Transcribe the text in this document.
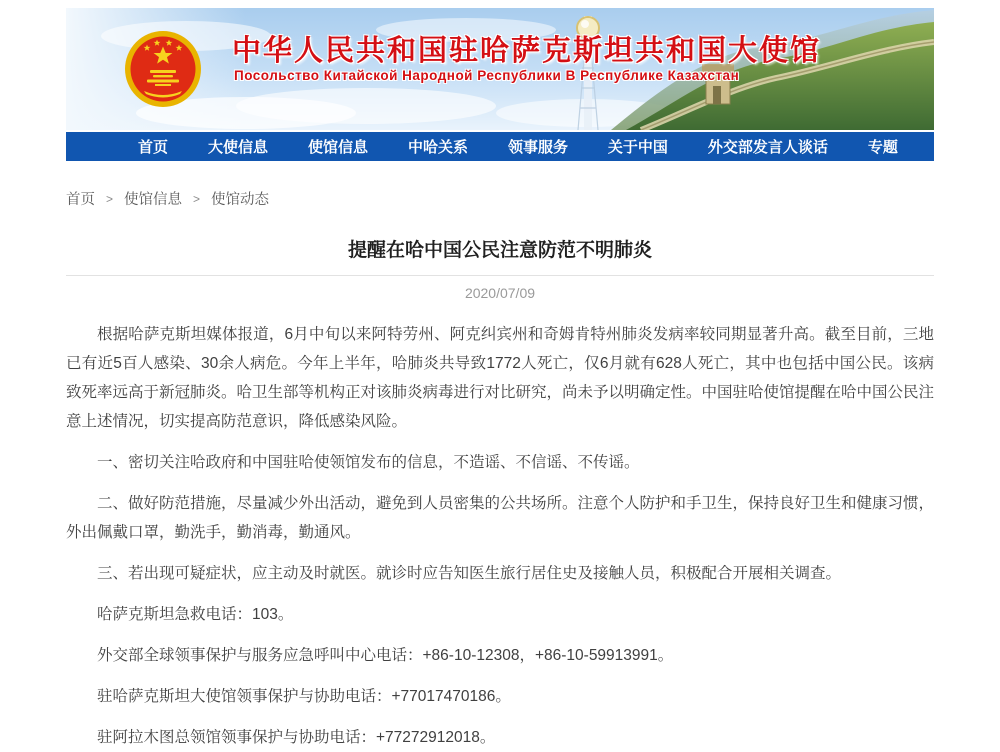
中华人民共和国驻哈萨克斯坦共和国大使馆
Посольство Китайской Народной Республики В Республике Казахстан
首页	大使信息	使馆信息	中哈关系	领事服务	关于中国	外交部发言人谈话	专题
首页 > 使馆信息 > 使馆动态
提醒在哈中国公民注意防范不明肺炎
2020/07/09

根据哈萨克斯坦媒体报道，6月中旬以来阿特劳州、阿克纠宾州和奇姆肯特州肺炎发病率较同期显著升高。截至目前，三地已有近5百人感染、30余人病危。今年上半年，哈肺炎共导致1772人死亡，仅6月就有628人死亡，其中也包括中国公民。该病致死率远高于新冠肺炎。哈卫生部等机构正对该肺炎病毒进行对比研究，尚未予以明确定性。中国驻哈使馆提醒在哈中国公民注意上述情况，切实提高防范意识，降低感染风险。

一、密切关注哈政府和中国驻哈使领馆发布的信息，不造谣、不信谣、不传谣。

二、做好防范措施，尽量减少外出活动，避免到人员密集的公共场所。注意个人防护和手卫生，保持良好卫生和健康习惯，外出佩戴口罩，勤洗手，勤消毒，勤通风。

三、若出现可疑症状，应主动及时就医。就诊时应告知医生旅行居住史及接触人员，积极配合开展相关调查。

哈萨克斯坦急救电话：103。

外交部全球领事保护与服务应急呼叫中心电话：+86-10-12308，+86-10-59913991。

驻哈萨克斯坦大使馆领事保护与协助电话：+77017470186。

驻阿拉木图总领馆领事保护与协助电话：+77272912018。
